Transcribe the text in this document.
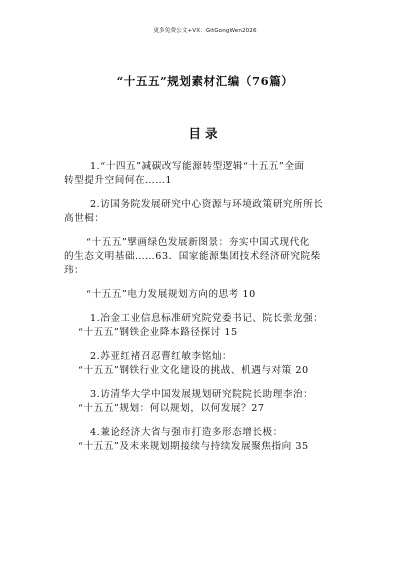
更多免费公文+VX：GitGongWen2026
“十五五”规划素材汇编（76篇）
目录
1.“十四五”减碳改写能源转型逻辑“十五五”全面
转型提升空间何在……1
2.访国务院发展研究中心资源与环境政策研究所所长
高世楫：
“十五五”擘画绿色发展新图景：夯实中国式现代化
的生态文明基础……63．国家能源集团技术经济研究院柴
玮：
“十五五”电力发展规划方向的思考 10
1.冶金工业信息标准研究院党委书记、院长张龙强：
“十五五”钢铁企业降本路径探讨 15
2.苏亚红褚召忍曹红敏李铭灿：
“十五五”钢铁行业文化建设的挑战、机遇与对策 20
3.访清华大学中国发展规划研究院院长助理李治：
“十五五”规划：何以规划，以何发展？27
4.兼论经济大省与强市打造多形态增长极：
“十五五”及未来规划期接续与持续发展聚焦指向 35
